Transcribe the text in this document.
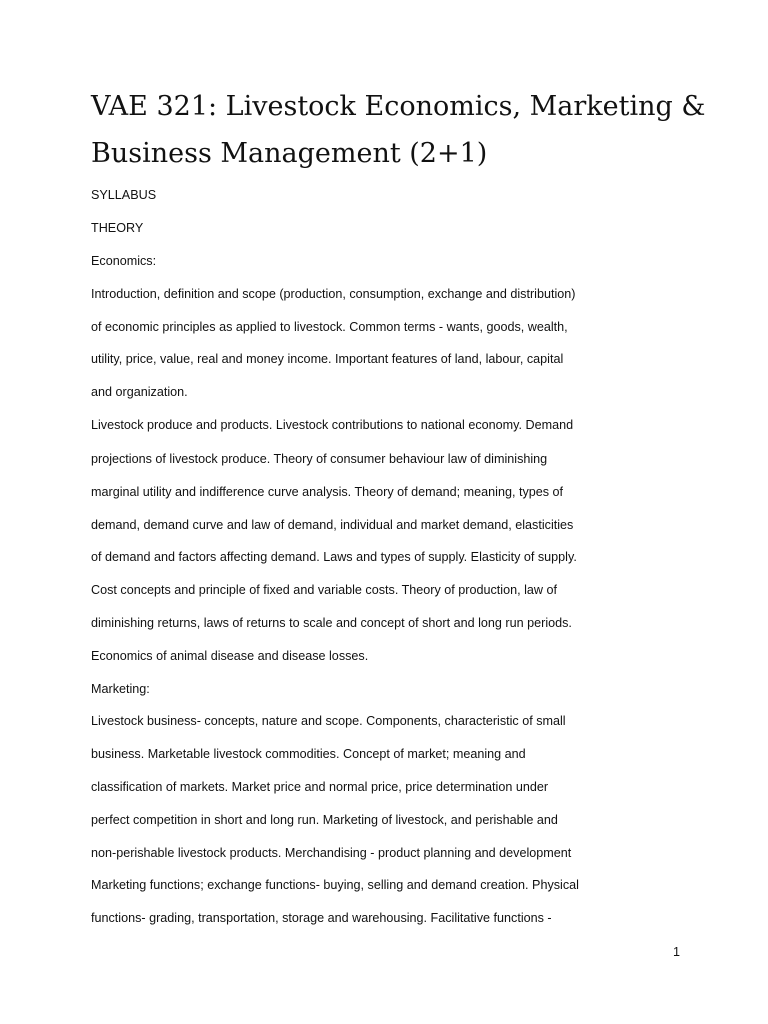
VAE 321: Livestock Economics, Marketing &
Business Management (2+1)

SYLLABUS

THEORY

Economics:

Introduction, definition and scope (production, consumption, exchange and distribution)

of economic principles as applied to livestock. Common terms - wants, goods, wealth,

utility, price, value, real and money income. Important features of land, labour, capital

and organization.

Livestock produce and products. Livestock contributions to national economy. Demand

projections of livestock produce. Theory of consumer behaviour law of diminishing

marginal utility and indifference curve analysis. Theory of demand; meaning, types of

demand, demand curve and law of demand, individual and market demand, elasticities

of demand and factors affecting demand. Laws and types of supply. Elasticity of supply.

Cost concepts and principle of fixed and variable costs. Theory of production, law of

diminishing returns, laws of returns to scale and concept of short and long run periods.

Economics of animal disease and disease losses.

Marketing:

Livestock business- concepts, nature and scope. Components, characteristic of small

business. Marketable livestock commodities. Concept of market; meaning and

classification of markets. Market price and normal price, price determination under

perfect competition in short and long run. Marketing of livestock, and perishable and

non-perishable livestock products. Merchandising - product planning and development

Marketing functions; exchange functions- buying, selling and demand creation. Physical

functions- grading, transportation, storage and warehousing. Facilitative functions -

1
